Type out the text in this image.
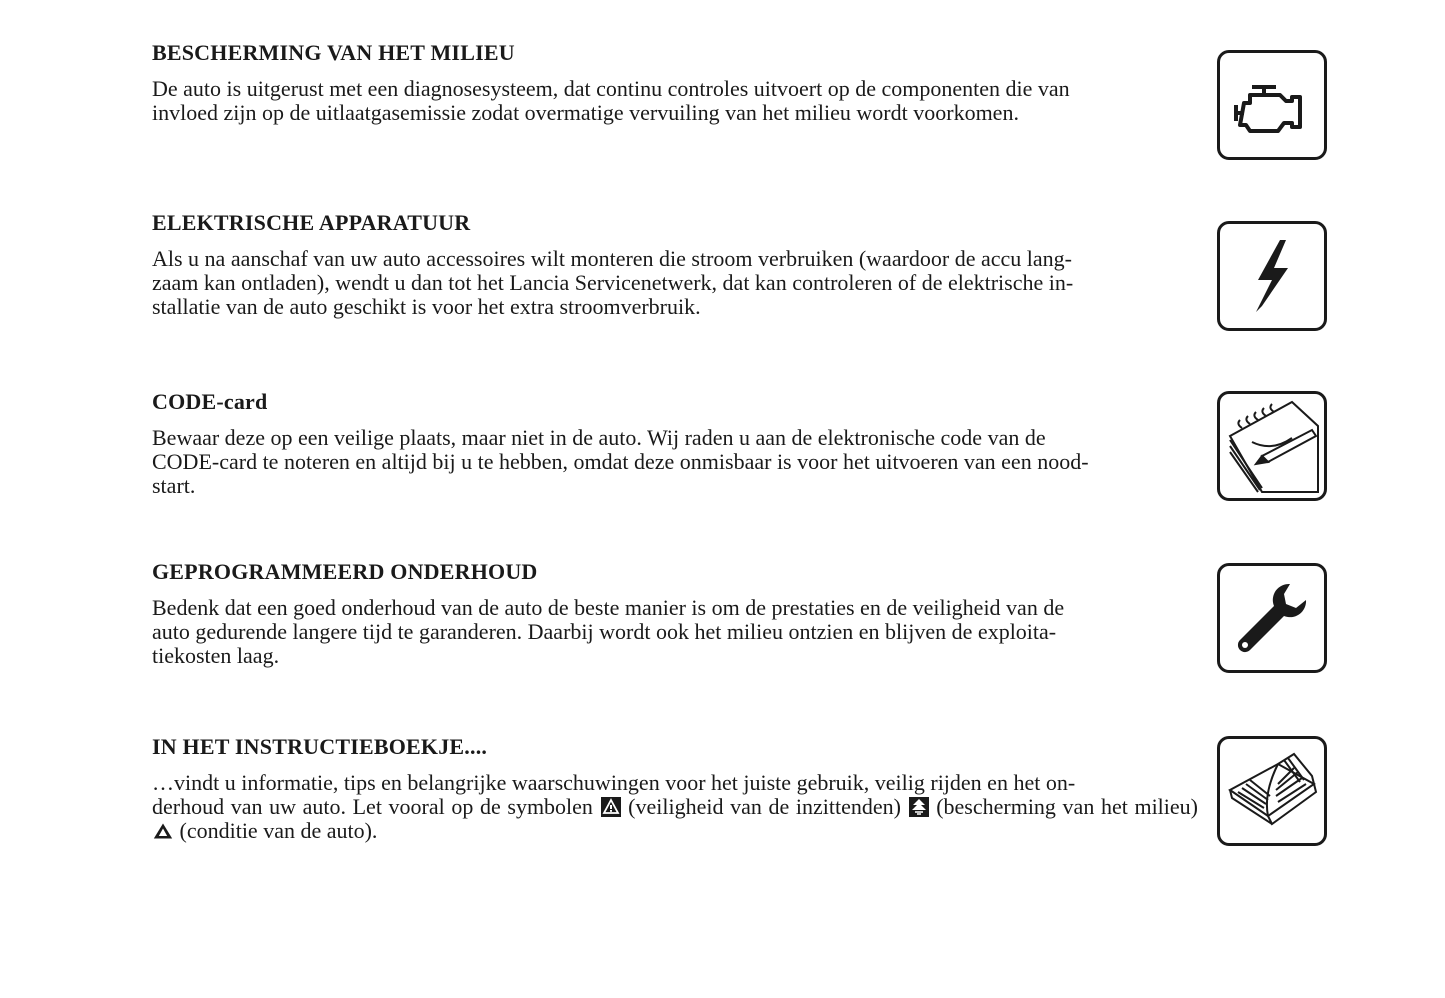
BESCHERMING VAN HET MILIEU

De auto is uitgerust met een diagnosesysteem, dat continu controles uitvoert op de componenten die van
invloed zijn op de uitlaatgasemissie zodat overmatige vervuiling van het milieu wordt voorkomen.

ELEKTRISCHE APPARATUUR

Als u na aanschaf van uw auto accessoires wilt monteren die stroom verbruiken (waardoor de accu lang-
zaam kan ontladen), wendt u dan tot het Lancia Servicenetwerk, dat kan controleren of de elektrische in-
stallatie van de auto geschikt is voor het extra stroomverbruik.

CODE-card

Bewaar deze op een veilige plaats, maar niet in de auto. Wij raden u aan de elektronische code van de
CODE-card te noteren en altijd bij u te hebben, omdat deze onmisbaar is voor het uitvoeren van een nood-
start.

GEPROGRAMMEERD ONDERHOUD

Bedenk dat een goed onderhoud van de auto de beste manier is om de prestaties en de veiligheid van de
auto gedurende langere tijd te garanderen. Daarbij wordt ook het milieu ontzien en blijven de exploita-
tiekosten laag.

IN HET INSTRUCTIEBOEKJE....

…vindt u informatie, tips en belangrijke waarschuwingen voor het juiste gebruik, veilig rijden en het on-
derhoud van uw auto. Let vooral op de symbolen  (veiligheid van de inzittenden)  (bescherming van het milieu)  (conditie van de auto).
